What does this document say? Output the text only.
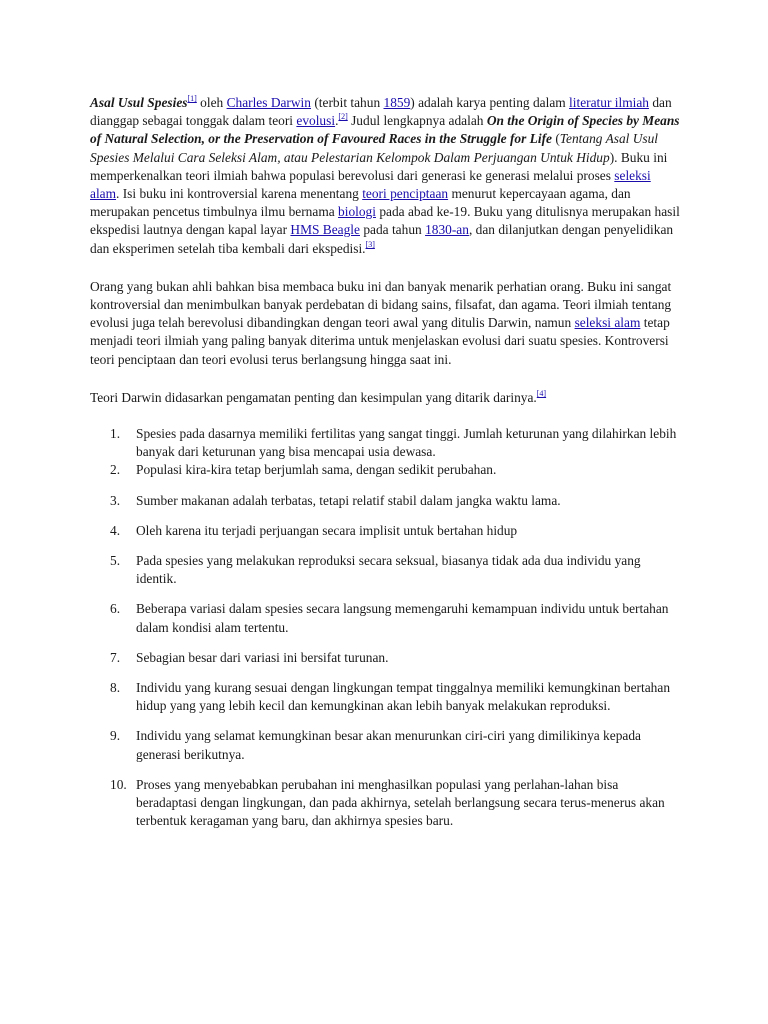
Asal Usul Spesies[1] oleh Charles Darwin (terbit tahun 1859) adalah karya penting dalam literatur ilmiah dan dianggap sebagai tonggak dalam teori evolusi.[2] Judul lengkapnya adalah On the Origin of Species by Means of Natural Selection, or the Preservation of Favoured Races in the Struggle for Life (Tentang Asal Usul Spesies Melalui Cara Seleksi Alam, atau Pelestarian Kelompok Dalam Perjuangan Untuk Hidup). Buku ini memperkenalkan teori ilmiah bahwa populasi berevolusi dari generasi ke generasi melalui proses seleksi alam. Isi buku ini kontroversial karena menentang teori penciptaan menurut kepercayaan agama, dan merupakan pencetus timbulnya ilmu bernama biologi pada abad ke-19. Buku yang ditulisnya merupakan hasil ekspedisi lautnya dengan kapal layar HMS Beagle pada tahun 1830-an, dan dilanjutkan dengan penyelidikan dan eksperimen setelah tiba kembali dari ekspedisi.[3]

Orang yang bukan ahli bahkan bisa membaca buku ini dan banyak menarik perhatian orang. Buku ini sangat kontroversial dan menimbulkan banyak perdebatan di bidang sains, filsafat, dan agama. Teori ilmiah tentang evolusi juga telah berevolusi dibandingkan dengan teori awal yang ditulis Darwin, namun seleksi alam tetap menjadi teori ilmiah yang paling banyak diterima untuk menjelaskan evolusi dari suatu spesies. Kontroversi teori penciptaan dan teori evolusi terus berlangsung hingga saat ini.

Teori Darwin didasarkan pengamatan penting dan kesimpulan yang ditarik darinya.[4]

1. Spesies pada dasarnya memiliki fertilitas yang sangat tinggi. Jumlah keturunan yang dilahirkan lebih banyak dari keturunan yang bisa mencapai usia dewasa.
2. Populasi kira-kira tetap berjumlah sama, dengan sedikit perubahan.
3. Sumber makanan adalah terbatas, tetapi relatif stabil dalam jangka waktu lama.
4. Oleh karena itu terjadi perjuangan secara implisit untuk bertahan hidup
5. Pada spesies yang melakukan reproduksi secara seksual, biasanya tidak ada dua individu yang identik.
6. Beberapa variasi dalam spesies secara langsung memengaruhi kemampuan individu untuk bertahan dalam kondisi alam tertentu.
7. Sebagian besar dari variasi ini bersifat turunan.
8. Individu yang kurang sesuai dengan lingkungan tempat tinggalnya memiliki kemungkinan bertahan hidup yang yang lebih kecil dan kemungkinan akan lebih banyak melakukan reproduksi.
9. Individu yang selamat kemungkinan besar akan menurunkan ciri-ciri yang dimilikinya kepada generasi berikutnya.
10. Proses yang menyebabkan perubahan ini menghasilkan populasi yang perlahan-lahan bisa beradaptasi dengan lingkungan, dan pada akhirnya, setelah berlangsung secara terus-menerus akan terbentuk keragaman yang baru, dan akhirnya spesies baru.
